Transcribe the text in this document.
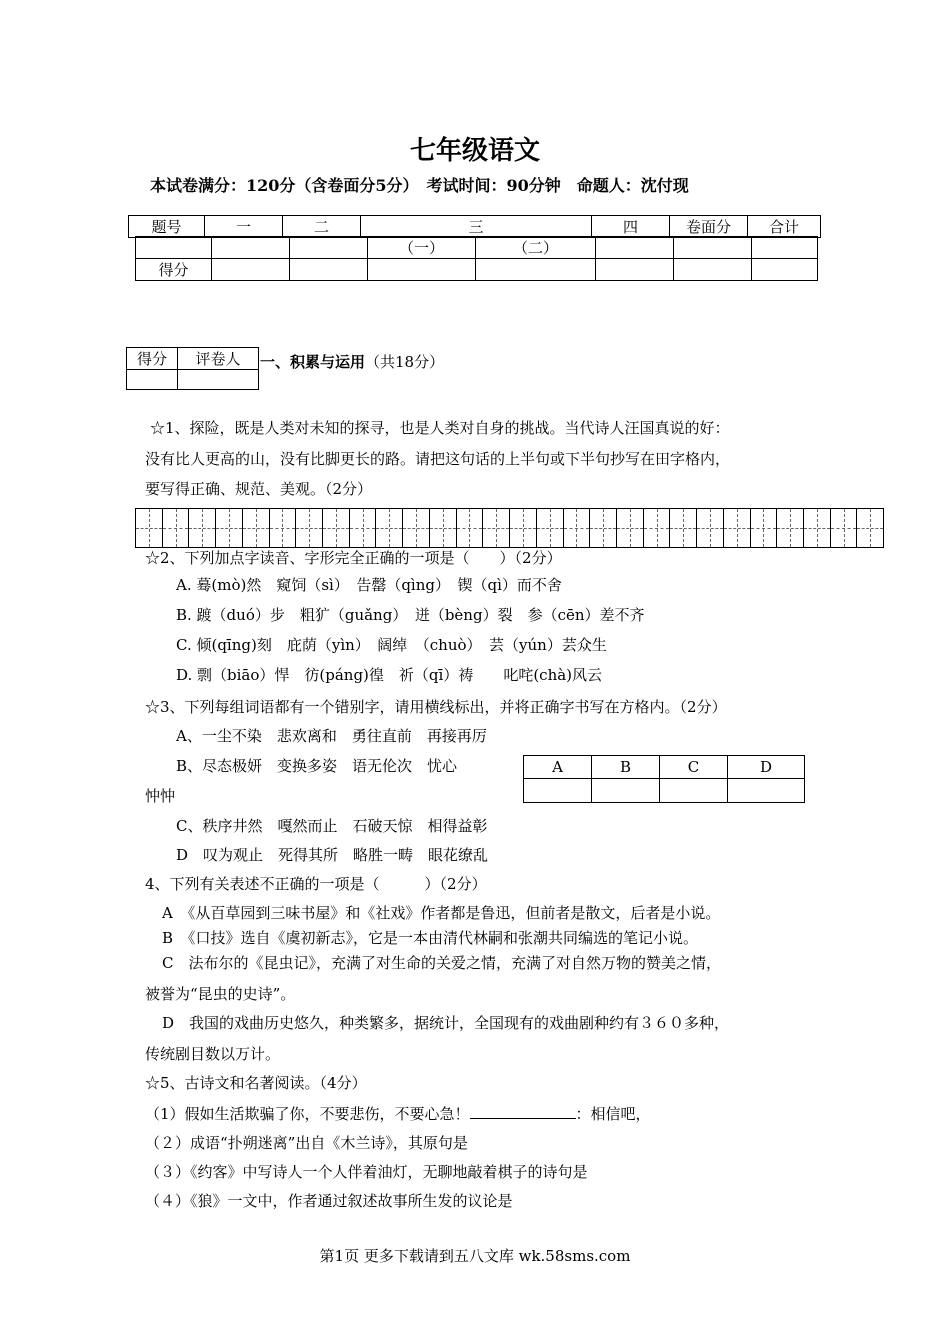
七年级语文
本试卷满分：120分（含卷面分5分）　考试时间：90分钟　命题人：沈付现
题号	一	二	三	四	卷面分	合计
			（一）	（二）			
得分							
得分	评卷人
	一、积累与运用（共18分）
☆1、探险，既是人类对未知的探寻，也是人类对自身的挑战。当代诗人汪国真说的好：
没有比人更高的山，没有比脚更长的路。请把这句话的上半句或下半句抄写在田字格内，
要写得正确、规范、美观。（2分）
☆2、下列加点字读音、字形完全正确的一项是（　　）（2分）
A. 蓦(mò)然　窥饲（sì）　告罄（qìng）　锲（qì）而不舍
B. 踱（duó）步　粗犷（guǎng）　迸（bèng）裂　参（cēn）差不齐
C. 倾(qīng)刻　庇荫（yìn）　阔绰　（chuò）　芸（yún）芸众生
D. 剽（biāo）悍　彷(páng)徨　祈（qī）祷　　叱咤(chà)风云
☆3、下列每组词语都有一个错别字，请用横线标出，并将正确字书写在方格内。（2分）
A、一尘不染　悲欢离和　勇往直前　再接再厉
B、尽态极妍　变换多姿　语无伦次　忧心
忡忡
C、秩序井然　嘎然而止　石破天惊　相得益彰
D　叹为观止　死得其所　略胜一畴　眼花缭乱
A	B	C	D

4、下列有关表述不正确的一项是（　　　）（2分）
A　《从百草园到三味书屋》和《社戏》作者都是鲁迅，但前者是散文，后者是小说。
B　《口技》选自《虞初新志》，它是一本由清代林嗣和张潮共同编选的笔记小说。
C　法布尔的《昆虫记》，充满了对生命的关爱之情，充满了对自然万物的赞美之情，
被誉为“昆虫的史诗”。
D　我国的戏曲历史悠久，种类繁多，据统计，全国现有的戏曲剧种约有３６０多种，
传统剧目数以万计。
☆5、古诗文和名著阅读。（4分）
（1）假如生活欺骗了你，不要悲伤，不要心急！	：相信吧，
（２）成语“扑朔迷离”出自《木兰诗》，其原句是
（３）《约客》中写诗人一个人伴着油灯，无聊地敲着棋子的诗句是
（４）《狼》一文中，作者通过叙述故事所生发的议论是
第1页 更多下载请到五八文库 wk.58sms.com
